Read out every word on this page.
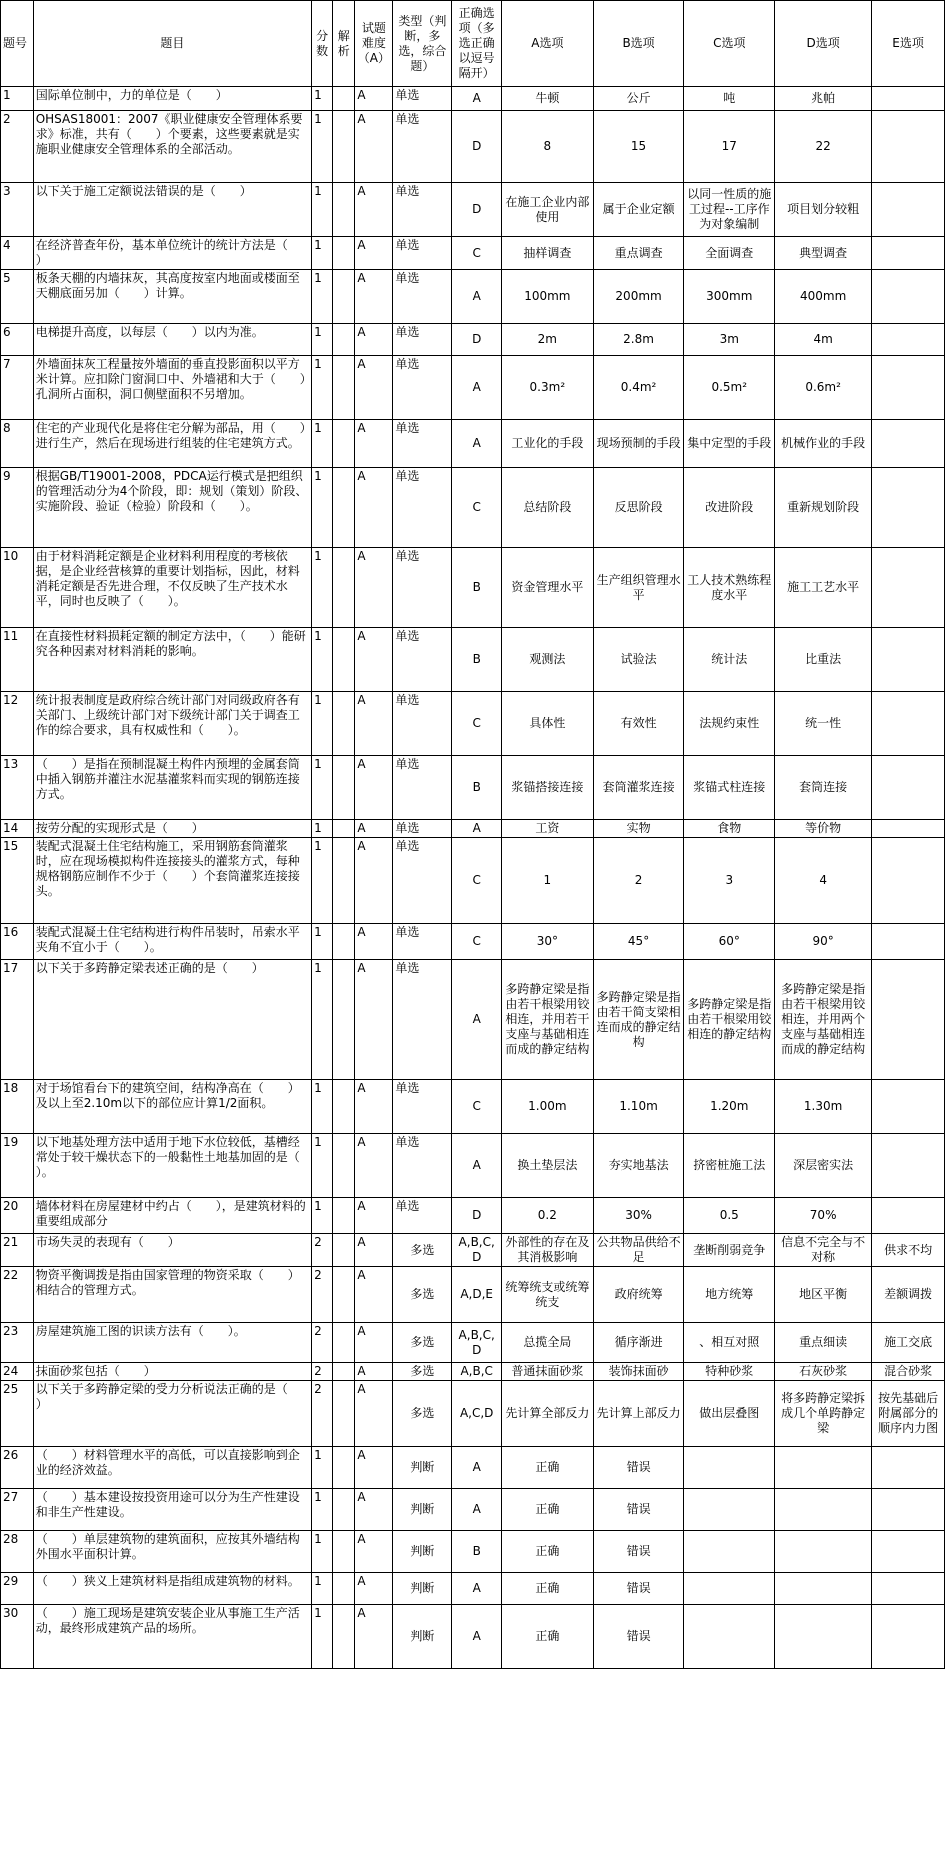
题号	题目	分数	解析	试题难度（A）	类型（判断，多选，综合题）	正确选项（多选正确以逗号隔开）	A选项	B选项	C选项	D选项	E选项
1	国际单位制中，力的单位是（　　）	1		A	单选	A	牛顿	公斤	吨	兆帕	
2	OHSAS18001：2007《职业健康安全管理体系要求》标准，共有（　　）个要素，这些要素就是实施职业健康安全管理体系的全部活动。	1		A	单选	D	8	15	17	22	
3	以下关于施工定额说法错误的是（　　）	1		A	单选	D	在施工企业内部使用	属于企业定额	以同一性质的施工过程--工序作为对象编制	项目划分较粗	
4	在经济普查年份，基本单位统计的统计方法是（　　）	1		A	单选	C	抽样调查	重点调查	全面调查	典型调查	
5	板条天棚的内墙抹灰，其高度按室内地面或楼面至天棚底面另加（　　）计算。	1		A	单选	A	100mm	200mm	300mm	400mm	
6	电梯提升高度，以每层（　　）以内为准。	1		A	单选	D	2m	2.8m	3m	4m	
7	外墙面抹灰工程量按外墙面的垂直投影面积以平方米计算。应扣除门窗洞口中、外墙裙和大于（　　）孔洞所占面积，洞口侧壁面积不另增加。	1		A	单选	A	0.3m²	0.4m²	0.5m²	0.6m²	
8	住宅的产业现代化是将住宅分解为部品，用（　　）进行生产，然后在现场进行组装的住宅建筑方式。	1		A	单选	A	工业化的手段	现场预制的手段	集中定型的手段	机械作业的手段	
9	根据GB/T19001-2008，PDCA运行模式是把组织的管理活动分为4个阶段，即：规划（策划）阶段、实施阶段、验证（检验）阶段和（　　）。	1		A	单选	C	总结阶段	反思阶段	改进阶段	重新规划阶段	
10	由于材料消耗定额是企业材料利用程度的考核依据，是企业经营核算的重要计划指标，因此，材料消耗定额是否先进合理，不仅反映了生产技术水平，同时也反映了（　　）。	1		A	单选	B	资金管理水平	生产组织管理水平	工人技术熟练程度水平	施工工艺水平	
11	在直接性材料损耗定额的制定方法中，（　　）能研究各种因素对材料消耗的影响。	1		A	单选	B	观测法	试验法	统计法	比重法	
12	统计报表制度是政府综合统计部门对同级政府各有关部门、上级统计部门对下级统计部门关于调查工作的综合要求，具有权威性和（　　）。	1		A	单选	C	具体性	有效性	法规约束性	统一性	
13	（　　）是指在预制混凝土构件内预埋的金属套筒中插入钢筋并灌注水泥基灌浆料而实现的钢筋连接方式。	1		A	单选	B	浆锚搭接连接	套筒灌浆连接	浆锚式柱连接	套筒连接	
14	按劳分配的实现形式是（　　）	1		A	单选	A	工资	实物	食物	等价物	
15	装配式混凝土住宅结构施工，采用钢筋套筒灌浆时，应在现场模拟构件连接接头的灌浆方式，每种规格钢筋应制作不少于（　　）个套筒灌浆连接接头。	1		A	单选	C	1	2	3	4	
16	装配式混凝土住宅结构进行构件吊装时，吊索水平夹角不宜小于（　　）。	1		A	单选	C	30°	45°	60°	90°	
17	以下关于多跨静定梁表述正确的是（　　）	1		A	单选	A	多跨静定梁是指由若干根梁用铰相连，并用若干支座与基础相连而成的静定结构	多跨静定梁是指由若干简支梁相连而成的静定结构	多跨静定梁是指由若干根梁用铰相连的静定结构	多跨静定梁是指由若干根梁用铰相连，并用两个支座与基础相连而成的静定结构	
18	对于场馆看台下的建筑空间，结构净高在（　　）及以上至2.10m以下的部位应计算1/2面积。	1		A	单选	C	1.00m	1.10m	1.20m	1.30m	
19	以下地基处理方法中适用于地下水位较低，基槽经常处于较干燥状态下的一般黏性土地基加固的是（　　）。	1		A	单选	A	换土垫层法	夯实地基法	挤密桩施工法	深层密实法	
20	墙体材料在房屋建材中约占（　　），是建筑材料的重要组成部分	1		A	单选	D	0.2	30%	0.5	70%	
21	市场失灵的表现有（　　）	2		A	多选	A,B,C,D	外部性的存在及其消极影响	公共物品供给不足	垄断削弱竞争	信息不完全与不对称	供求不均
22	物资平衡调拨是指由国家管理的物资采取（　　）相结合的管理方式。	2		A	多选	A,D,E	统筹统支或统筹统支	政府统筹	地方统筹	地区平衡	差额调拨
23	房屋建筑施工图的识读方法有（　　）。	2		A	多选	A,B,C,D	总揽全局	循序渐进	、相互对照	重点细读	施工交底
24	抹面砂浆包括（　　）	2		A	多选	A,B,C	普通抹面砂浆	装饰抹面砂	特种砂浆	石灰砂浆	混合砂浆
25	以下关于多跨静定梁的受力分析说法正确的是（　　）	2		A	多选	A,C,D	先计算全部反力	先计算上部反力	做出层叠图	将多跨静定梁拆成几个单跨静定梁	按先基础后附属部分的顺序内力图
26	（　　）材料管理水平的高低，可以直接影响到企业的经济效益。	1		A	判断	A	正确	错误			
27	（　　）基本建设按投资用途可以分为生产性建设和非生产性建设。	1		A	判断	A	正确	错误			
28	（　　）单层建筑物的建筑面积，应按其外墙结构外围水平面积计算。	1		A	判断	B	正确	错误			
29	（　　）狭义上建筑材料是指组成建筑物的材料。	1		A	判断	A	正确	错误			
30	（　　）施工现场是建筑安装企业从事施工生产活动，最终形成建筑产品的场所。	1		A	判断	A	正确	错误			
